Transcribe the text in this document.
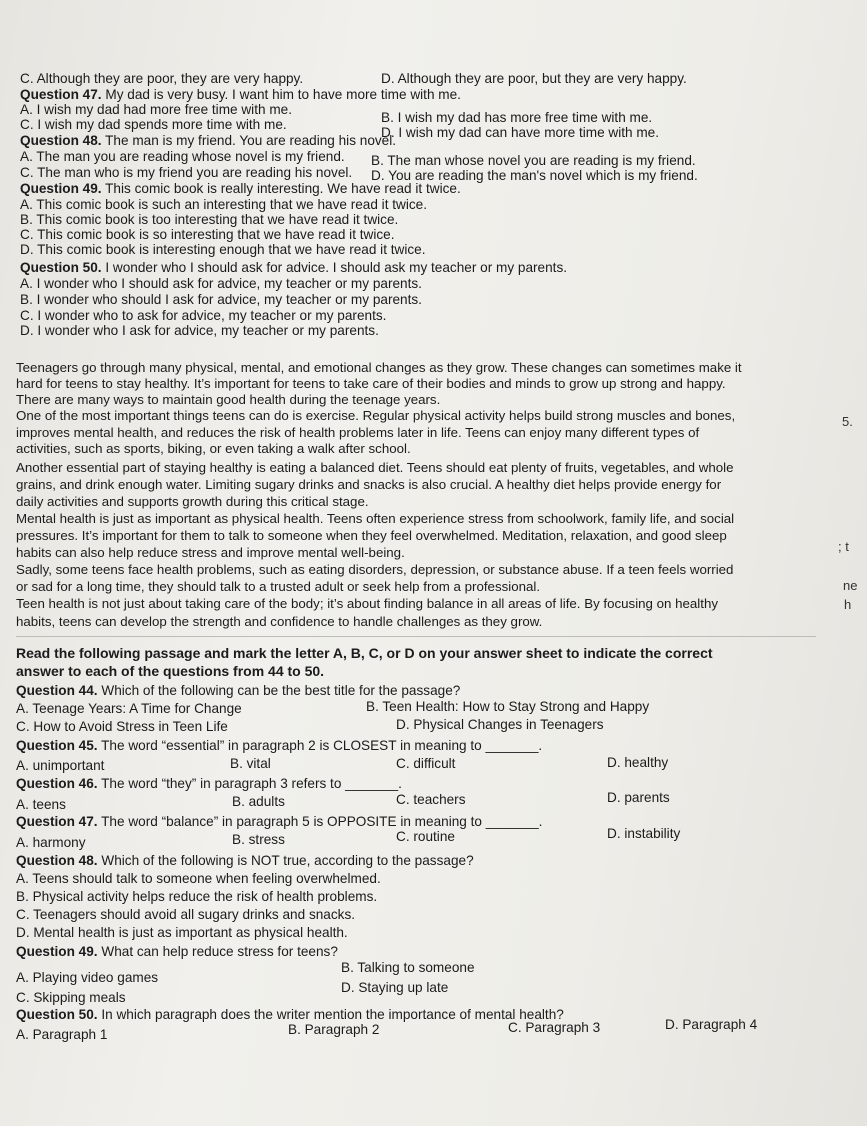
C. Although they are poor, they are very happy.	D. Although they are poor, but they are very happy.
Question 47. My dad is very busy. I want him to have more time with me.
A. I wish my dad had more free time with me.
B. I wish my dad has more free time with me.
C. I wish my dad spends more time with me.
D. I wish my dad can have more time with me.
Question 48. The man is my friend. You are reading his novel.
A. The man you are reading whose novel is my friend. B. The man whose novel you are reading is my friend.
C. The man who is my friend you are reading his novel. D. You are reading the man's novel which is my friend.
Question 49. This comic book is really interesting. We have read it twice.
A. This comic book is such an interesting that we have read it twice.
B. This comic book is too interesting that we have read it twice.
C. This comic book is so interesting that we have read it twice.
D. This comic book is interesting enough that we have read it twice.
Question 50. I wonder who I should ask for advice. I should ask my teacher or my parents.
A. I wonder who I should ask for advice, my teacher or my parents.
B. I wonder who should I ask for advice, my teacher or my parents.
C. I wonder who to ask for advice, my teacher or my parents.
D. I wonder who I ask for advice, my teacher or my parents.
Teenagers go through many physical, mental, and emotional changes as they grow. These changes can sometimes make it
hard for teens to stay healthy. It’s important for teens to take care of their bodies and minds to grow up strong and happy.
There are many ways to maintain good health during the teenage years.
One of the most important things teens can do is exercise. Regular physical activity helps build strong muscles and bones,
improves mental health, and reduces the risk of health problems later in life. Teens can enjoy many different types of
activities, such as sports, biking, or even taking a walk after school.
Another essential part of staying healthy is eating a balanced diet. Teens should eat plenty of fruits, vegetables, and whole
grains, and drink enough water. Limiting sugary drinks and snacks is also crucial. A healthy diet helps provide energy for
daily activities and supports growth during this critical stage.
Mental health is just as important as physical health. Teens often experience stress from schoolwork, family life, and social
pressures. It’s important for them to talk to someone when they feel overwhelmed. Meditation, relaxation, and good sleep
habits can also help reduce stress and improve mental well-being.
Sadly, some teens face health problems, such as eating disorders, depression, or substance abuse. If a teen feels worried
or sad for a long time, they should talk to a trusted adult or seek help from a professional.
Teen health is not just about taking care of the body; it’s about finding balance in all areas of life. By focusing on healthy
habits, teens can develop the strength and confidence to handle challenges as they grow.
5.
; t
ne
h
Read the following passage and mark the letter A, B, C, or D on your answer sheet to indicate the correct
answer to each of the questions from 44 to 50.
Question 44. Which of the following can be the best title for the passage?
A. Teenage Years: A Time for Change	B. Teen Health: How to Stay Strong and Happy
C. How to Avoid Stress in Teen Life	D. Physical Changes in Teenagers
Question 45. The word “essential” in paragraph 2 is CLOSEST in meaning to _______.
A. unimportant	B. vital	C. difficult	D. healthy
Question 46. The word “they” in paragraph 3 refers to _______.
A. teens	B. adults	C. teachers	D. parents
Question 47. The word “balance” in paragraph 5 is OPPOSITE in meaning to _______.
A. harmony	B. stress	C. routine	D. instability
Question 48. Which of the following is NOT true, according to the passage?
A. Teens should talk to someone when feeling overwhelmed.
B. Physical activity helps reduce the risk of health problems.
C. Teenagers should avoid all sugary drinks and snacks.
D. Mental health is just as important as physical health.
Question 49. What can help reduce stress for teens?
A. Playing video games
B. Talking to someone
C. Skipping meals
D. Staying up late
Question 50. In which paragraph does the writer mention the importance of mental health?
A. Paragraph 1	B. Paragraph 2	C. Paragraph 3	D. Paragraph 4
